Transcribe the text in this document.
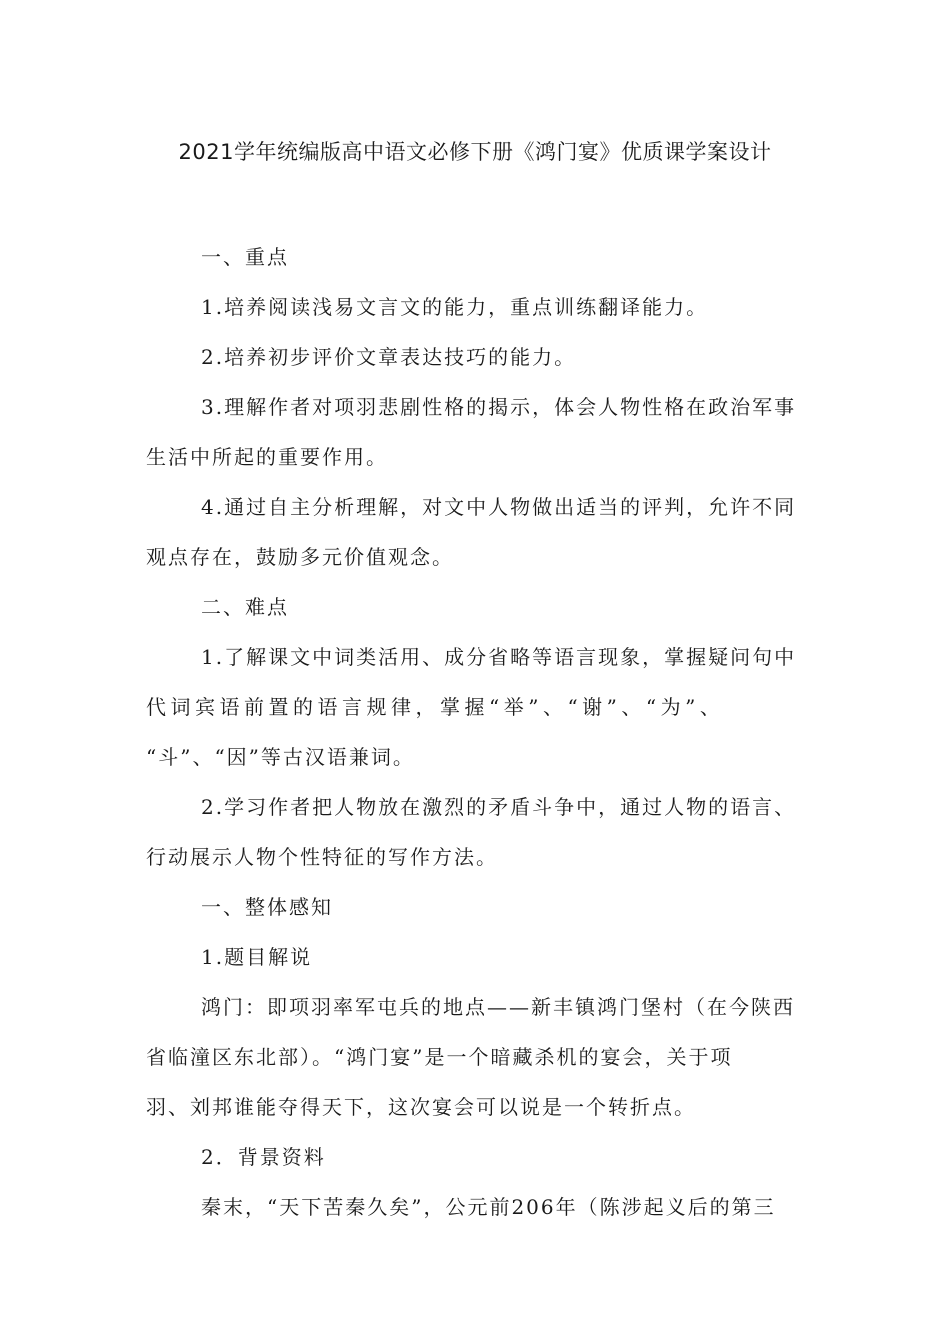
2021学年统编版高中语文必修下册《鸿门宴》优质课学案设计
一、重点
1.培养阅读浅易文言文的能力，重点训练翻译能力。
2.培养初步评价文章表达技巧的能力。
3.理解作者对项羽悲剧性格的揭示，体会人物性格在政治军事
生活中所起的重要作用。
4.通过自主分析理解，对文中人物做出适当的评判，允许不同
观点存在，鼓励多元价值观念。
二、难点
1.了解课文中词类活用、成分省略等语言现象，掌握疑问句中
代词宾语前置的语言规律，掌握“举”、“谢”、“为”、
“斗”、“因”等古汉语兼词。
2.学习作者把人物放在激烈的矛盾斗争中，通过人物的语言、
行动展示人物个性特征的写作方法。
一、整体感知
1.题目解说
鸿门：即项羽率军屯兵的地点——新丰镇鸿门堡村（在今陕西
省临潼区东北部）。“鸿门宴”是一个暗藏杀机的宴会，关于项
羽、刘邦谁能夺得天下，这次宴会可以说是一个转折点。
2．背景资料
秦末，“天下苦秦久矣”，公元前206年（陈涉起义后的第三
